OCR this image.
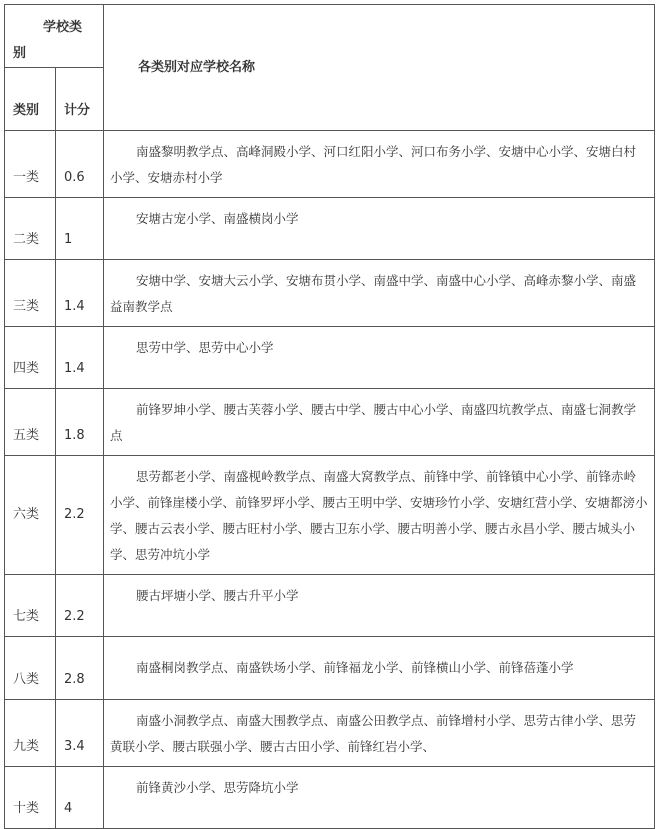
学校类
别		各类别对应学校名称
类别	计分	
一类	0.6	南盛黎明教学点、高峰洞殿小学、河口红阳小学、河口布务小学、安塘中心小学、安塘白村小学、安塘赤村小学

二类	1	安塘古宠小学、南盛横岗小学

三类	1.4	安塘中学、安塘大云小学、安塘布贯小学、南盛中学、南盛中心小学、高峰赤黎小学、南盛益南教学点

四类	1.4	思劳中学、思劳中心小学

五类	1.8	前锋罗坤小学、腰古芙蓉小学、腰古中学、腰古中心小学、南盛四坑教学点、南盛七洞教学点

六类	2.2	思劳都老小学、南盛枧岭教学点、南盛大窝教学点、前锋中学、前锋镇中心小学、前锋赤岭小学、前锋崖楼小学、前锋罗坪小学、腰古王明中学、安塘珍竹小学、安塘红营小学、安塘都滂小学、腰古云表小学、腰古旺村小学、腰古卫东小学、腰古明善小学、腰古永昌小学、腰古城头小学、思劳冲坑小学

七类	2.2	腰古坪塘小学、腰古升平小学

八类	2.8	南盛桐岗教学点、南盛铁场小学、前锋福龙小学、前锋横山小学、前锋蓓蓬小学

九类	3.4	南盛小洞教学点、南盛大围教学点、南盛公田教学点、前锋增村小学、思劳古律小学、思劳黄联小学、腰古联强小学、腰古古田小学、前锋红岩小学、

十类	4	前锋黄沙小学、思劳降坑小学
